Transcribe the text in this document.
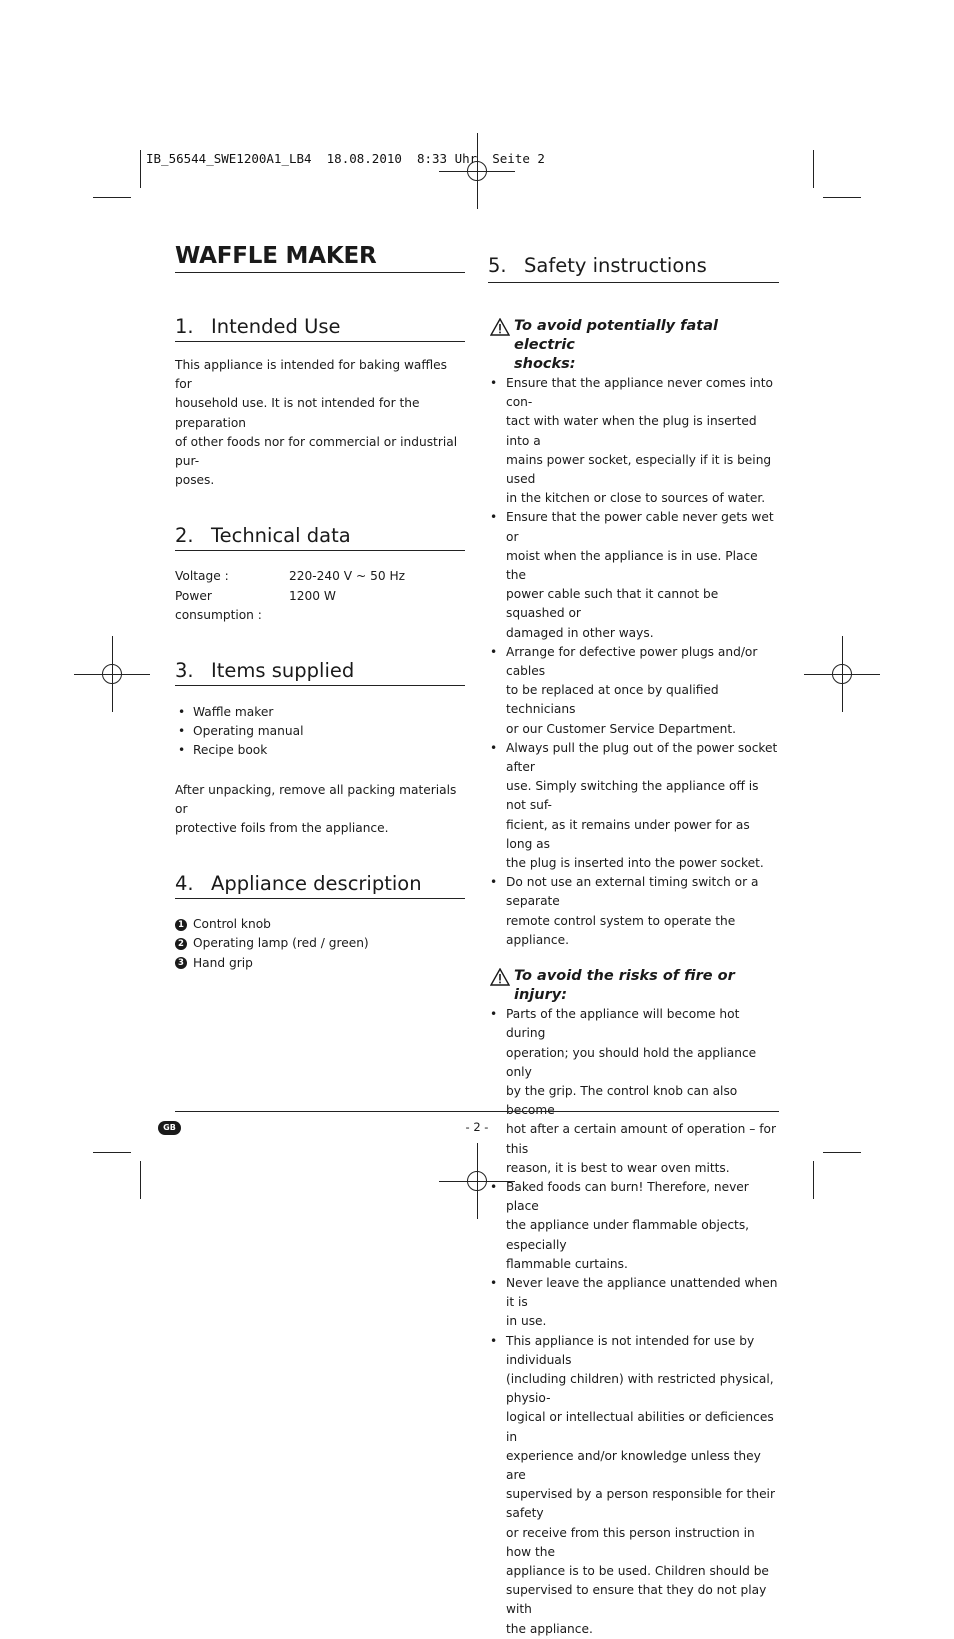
IB_56544_SWE1200A1_LB4 18.08.2010 8:33 Uhr Seite 2
WAFFLE MAKER
1. Intended Use

This appliance is intended for baking waffles for

household use. It is not intended for the preparation

of other foods nor for commercial or industrial pur-

poses.

2. Technical data
Voltage :	220-240 V ~ 50 Hz
Power consumption :
1200 W
3. Items supplied
• Waffle maker
• Operating manual
• Recipe book

After unpacking, remove all packing materials or

protective foils from the appliance.

4. Appliance description
1 Control knob
2 Operating lamp (red / green)
3 Hand grip
5. Safety instructions
To avoid potentially fatal electric
shocks:
• Ensure that the appliance never comes into con-
tact with water when the plug is inserted into a
mains power socket, especially if it is being used
in the kitchen or close to sources of water.
• Ensure that the power cable never gets wet or
moist when the appliance is in use. Place the
power cable such that it cannot be squashed or
damaged in other ways.
• Arrange for defective power plugs and/or cables
to be replaced at once by qualified technicians
or our Customer Service Department.
• Always pull the plug out of the power socket after
use. Simply switching the appliance off is not suf-
ficient, as it remains under power for as long as
the plug is inserted into the power socket.
• Do not use an external timing switch or a separate
remote control system to operate the appliance.
To avoid the risks of fire or injury:
• Parts of the appliance will become hot during
operation; you should hold the appliance only
by the grip. The control knob can also become
hot after a certain amount of operation – for this
reason, it is best to wear oven mitts.
• Baked foods can burn! Therefore, never place
the appliance under flammable objects, especially
flammable curtains.
• Never leave the appliance unattended when it is
in use.
• This appliance is not intended for use by individuals
(including children) with restricted physical, physio-
logical or intellectual abilities or deficiences in
experience and/or knowledge unless they are
supervised by a person responsible for their safety
or receive from this person instruction in how the
appliance is to be used. Children should be
supervised to ensure that they do not play with
the appliance.
GB	- 2 -
